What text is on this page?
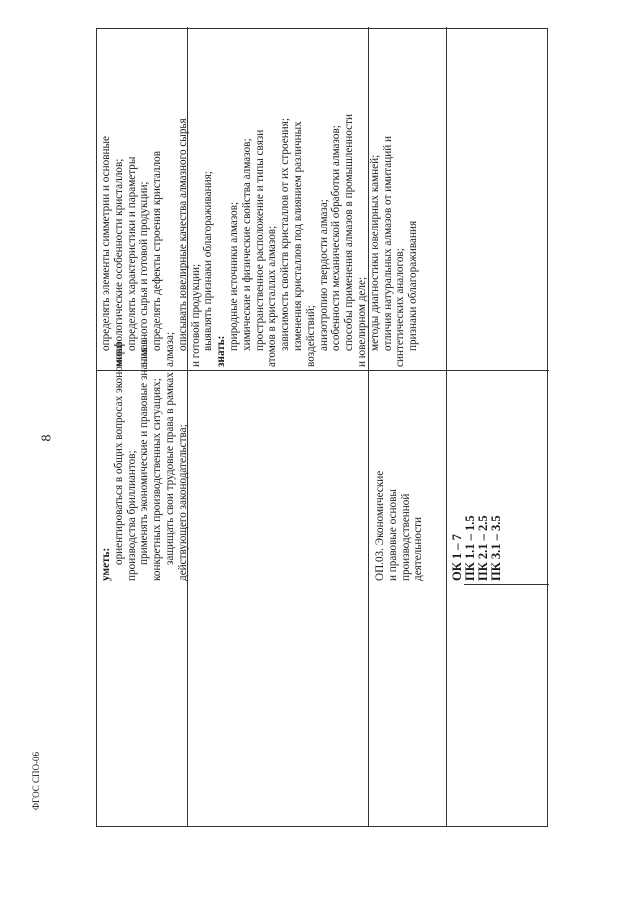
8
ФГОС СПО-06

определять элементы симметрии и основные морфологические особенности кристаллов; определять характеристики и параметры алмазного сырья и готовой продукции; определять дефекты строения кристаллов алмаза; описывать ювелирные качества алмазного сырья и готовой продукции; выявлять признаки облагораживания;

знать:

природные источники алмазов; химические и физические свойства алмазов; пространственное расположение и типы связи атомов в кристаллах алмазов; зависимость свойств кристаллов от их строения; изменения кристаллов под влиянием различных воздействий; анизотропию твердости алмаза; особенности механической обработки алмазов; способы применения алмазов в промышленности и ювелирном деле; методы диагностики ювелирных камней; отличия натуральных алмазов от имитаций и синтетических аналогов; признаки облагораживания

уметь: ориентироваться в общих вопросах экономики производства бриллиантов; применять экономические и правовые знания в конкретных производственных ситуациях; защищать свои трудовые права в рамках действующего законодательства;	ОП.03. Экономические и правовые основы производственной деятельности ОК 1 – 7 ПК 1.1 – 1.5 ПК 2.1 – 2.5 ПК 3.1 – 3.5
